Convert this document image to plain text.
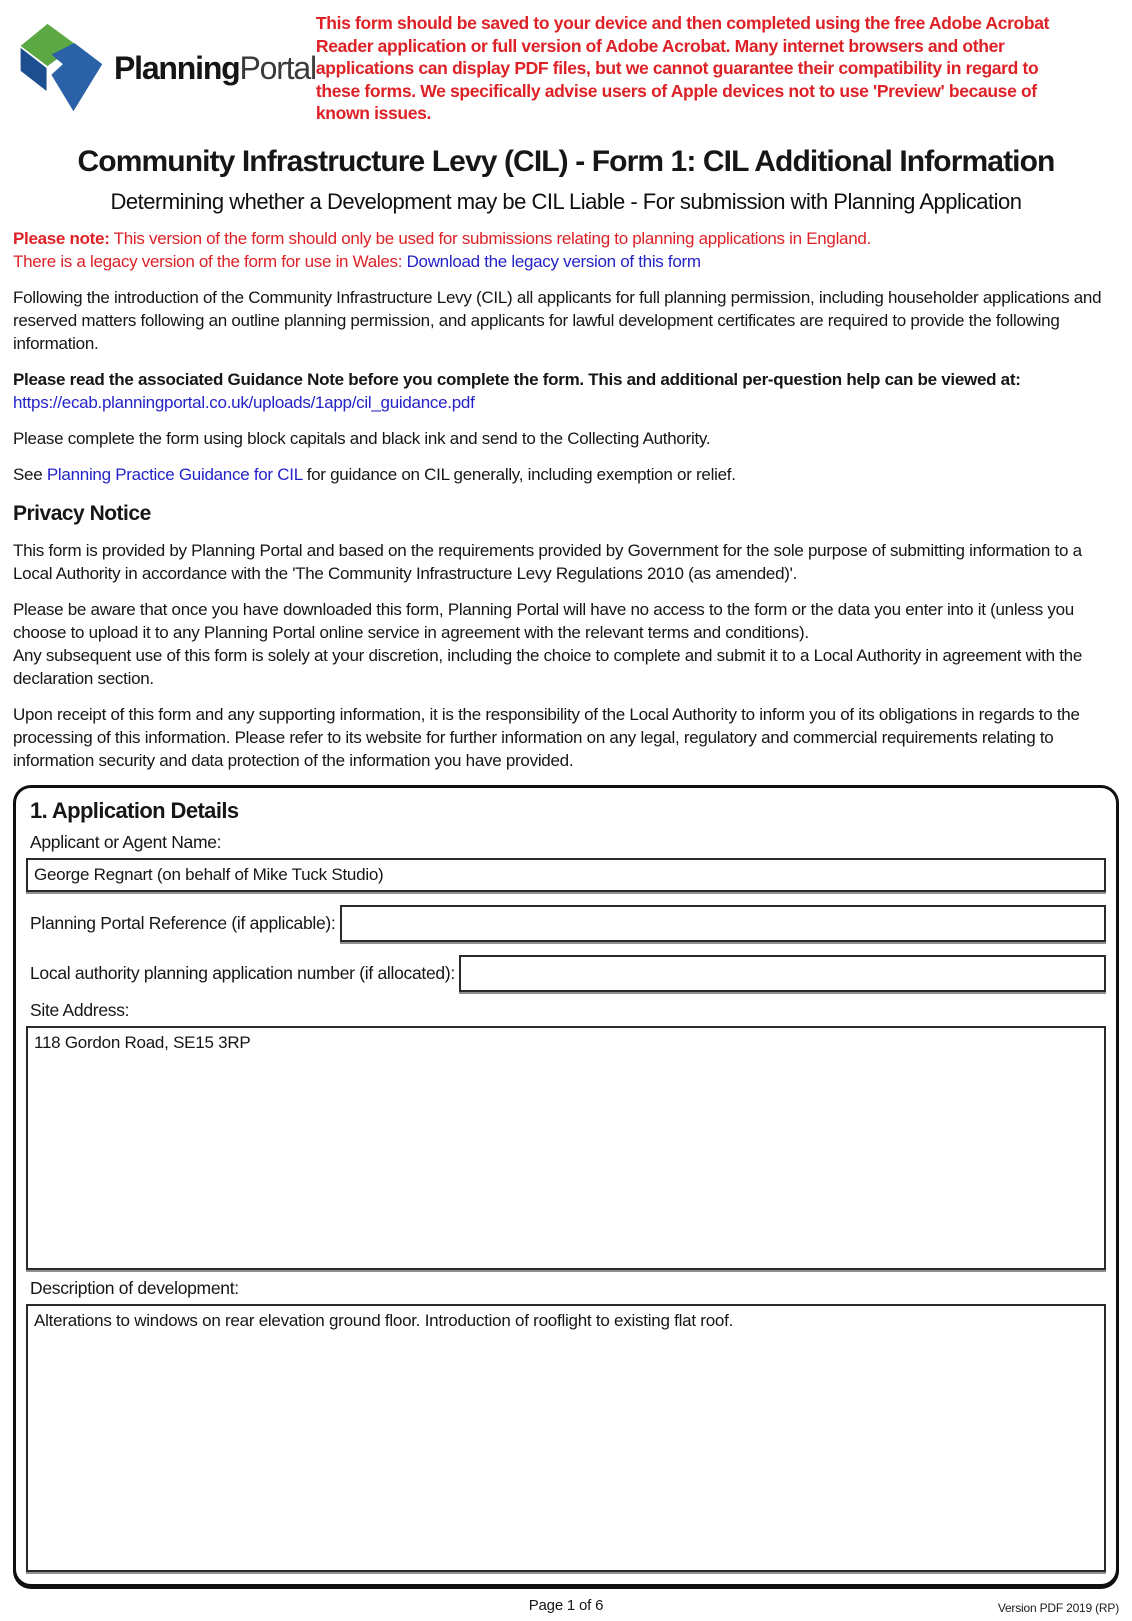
PlanningPortal
This form should be saved to your device and then completed using the free Adobe Acrobat Reader application or full version of Adobe Acrobat. Many internet browsers and other applications can display PDF files, but we cannot guarantee their compatibility in regard to these forms. We specifically advise users of Apple devices not to use 'Preview' because of known issues.
Community Infrastructure Levy (CIL) - Form 1: CIL Additional Information
Determining whether a Development may be CIL Liable - For submission with Planning Application
Please note: This version of the form should only be used for submissions relating to planning applications in England.
There is a legacy version of the form for use in Wales: Download the legacy version of this form

Following the introduction of the Community Infrastructure Levy (CIL) all applicants for full planning permission, including householder applications and reserved matters following an outline planning permission, and applicants for lawful development certificates are required to provide the following information.

Please read the associated Guidance Note before you complete the form. This and additional per-question help can be viewed at:
https://ecab.planningportal.co.uk/uploads/1app/cil_guidance.pdf

Please complete the form using block capitals and black ink and send to the Collecting Authority.

See Planning Practice Guidance for CIL for guidance on CIL generally, including exemption or relief.

Privacy Notice

This form is provided by Planning Portal and based on the requirements provided by Government for the sole purpose of submitting information to a Local Authority in accordance with the 'The Community Infrastructure Levy Regulations 2010 (as amended)'.

Please be aware that once you have downloaded this form, Planning Portal will have no access to the form or the data you enter into it (unless you choose to upload it to any Planning Portal online service in agreement with the relevant terms and conditions).
Any subsequent use of this form is solely at your discretion, including the choice to complete and submit it to a Local Authority in agreement with the declaration section.

Upon receipt of this form and any supporting information, it is the responsibility of the Local Authority to inform you of its obligations in regards to the processing of this information. Please refer to its website for further information on any legal, regulatory and commercial requirements relating to information security and data protection of the information you have provided.

1. Application Details
Applicant or Agent Name:
George Regnart (on behalf of Mike Tuck Studio)
Planning Portal Reference (if applicable):
Local authority planning application number (if allocated):
Site Address:
118 Gordon Road, SE15 3RP
Description of development:
Alterations to windows on rear elevation ground floor. Introduction of rooflight to existing flat roof.
Page 1 of 6	Version PDF 2019 (RP)
